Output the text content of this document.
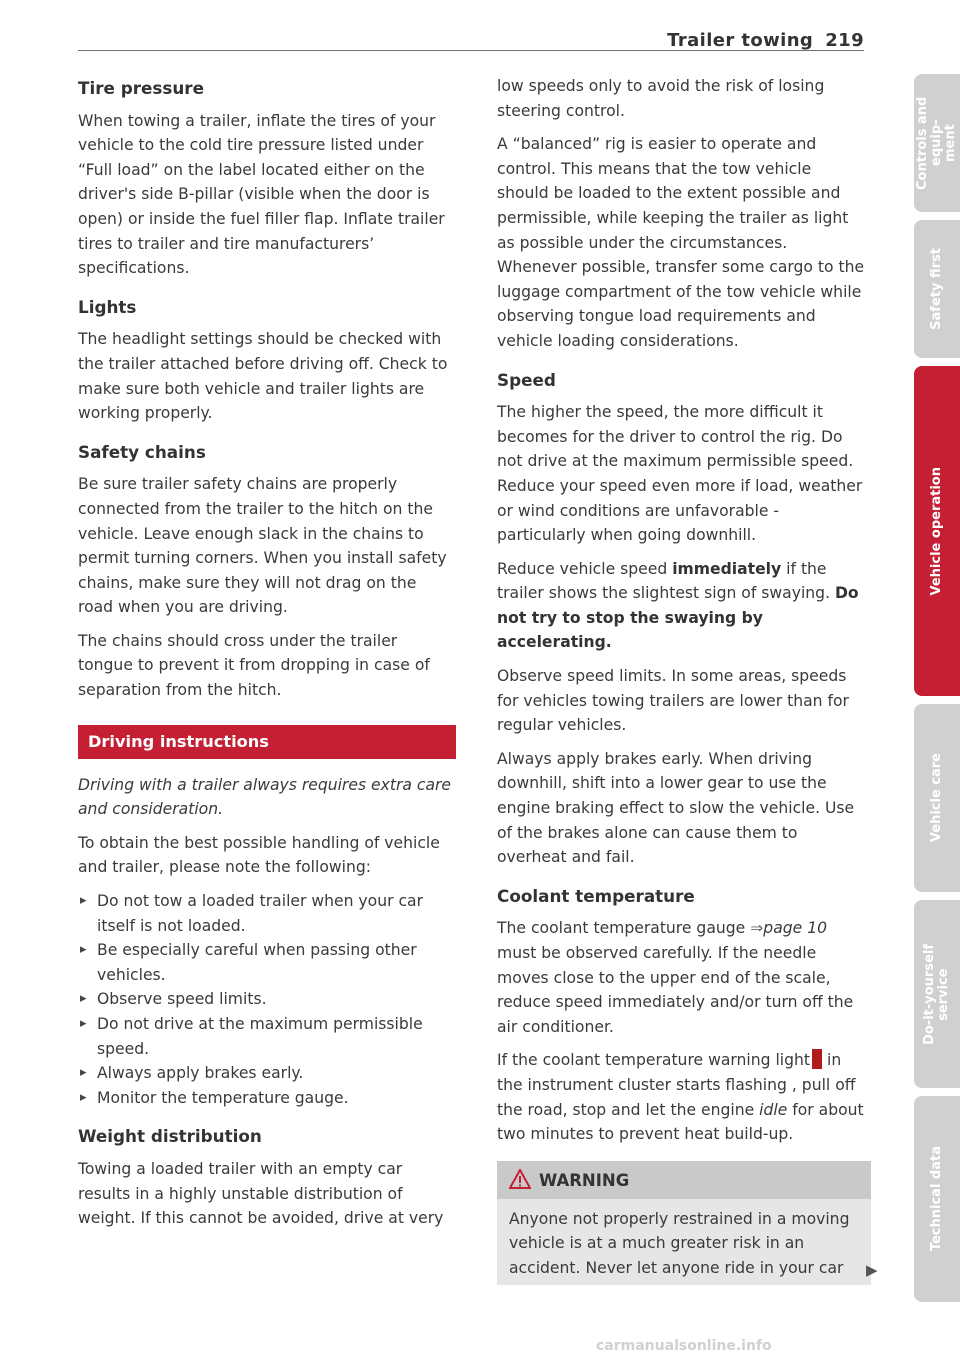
Trailer towing 219
Tire pressure

When towing a trailer, inflate the tires of your vehicle to the cold tire pressure listed under “Full load” on the label located either on the driver's side B-pillar (visible when the door is open) or inside the fuel filler flap. Inflate trailer tires to trailer and tire manufacturers’ specifications.

Lights

The headlight settings should be checked with the trailer attached before driving off. Check to make sure both vehicle and trailer lights are working properly.

Safety chains

Be sure trailer safety chains are properly connected from the trailer to the hitch on the vehicle. Leave enough slack in the chains to permit turning corners. When you install safety chains, make sure they will not drag on the road when you are driving.

The chains should cross under the trailer tongue to prevent it from dropping in case of separation from the hitch.

Driving instructions

Driving with a trailer always requires extra care and consideration.

To obtain the best possible handling of vehicle and trailer, please note the following:

▸ Do not tow a loaded trailer when your car itself is not loaded.
▸ Be especially careful when passing other vehicles.
▸ Observe speed limits.
▸ Do not drive at the maximum permissible speed.
▸ Always apply brakes early.
▸ Monitor the temperature gauge.
Weight distribution

Towing a loaded trailer with an empty car results in a highly unstable distribution of weight. If this cannot be avoided, drive at very

low speeds only to avoid the risk of losing steering control.

A “balanced” rig is easier to operate and control. This means that the tow vehicle should be loaded to the extent possible and permissible, while keeping the trailer as light as possible under the circumstances. Whenever possible, transfer some cargo to the luggage compartment of the tow vehicle while observing tongue load requirements and vehicle loading considerations.

Speed

The higher the speed, the more difficult it becomes for the driver to control the rig. Do not drive at the maximum permissible speed. Reduce your speed even more if load, weather or wind conditions are unfavorable - particularly when going downhill.

Reduce vehicle speed immediately if the trailer shows the slightest sign of swaying. Do not try to stop the swaying by accelerating.

Observe speed limits. In some areas, speeds for vehicles towing trailers are lower than for regular vehicles.

Always apply brakes early. When driving downhill, shift into a lower gear to use the engine braking effect to slow the vehicle. Use of the brakes alone can cause them to overheat and fail.

Coolant temperature

The coolant temperature gauge ⇒page 10 must be observed carefully. If the needle moves close to the upper end of the scale, reduce speed immediately and/or turn off the air conditioner.

If the coolant temperature warning light in the instrument cluster starts flashing , pull off the road, stop and let the engine idle for about two minutes to prevent heat build-up.

WARNING
Anyone not properly restrained in a moving vehicle is at a much greater risk in an accident. Never let anyone ride in your car	▶
Controls and equip-
ment
Safety first
Vehicle operation
Vehicle care
Do-it-yourself
service
Technical data
carmanualsonline.info
